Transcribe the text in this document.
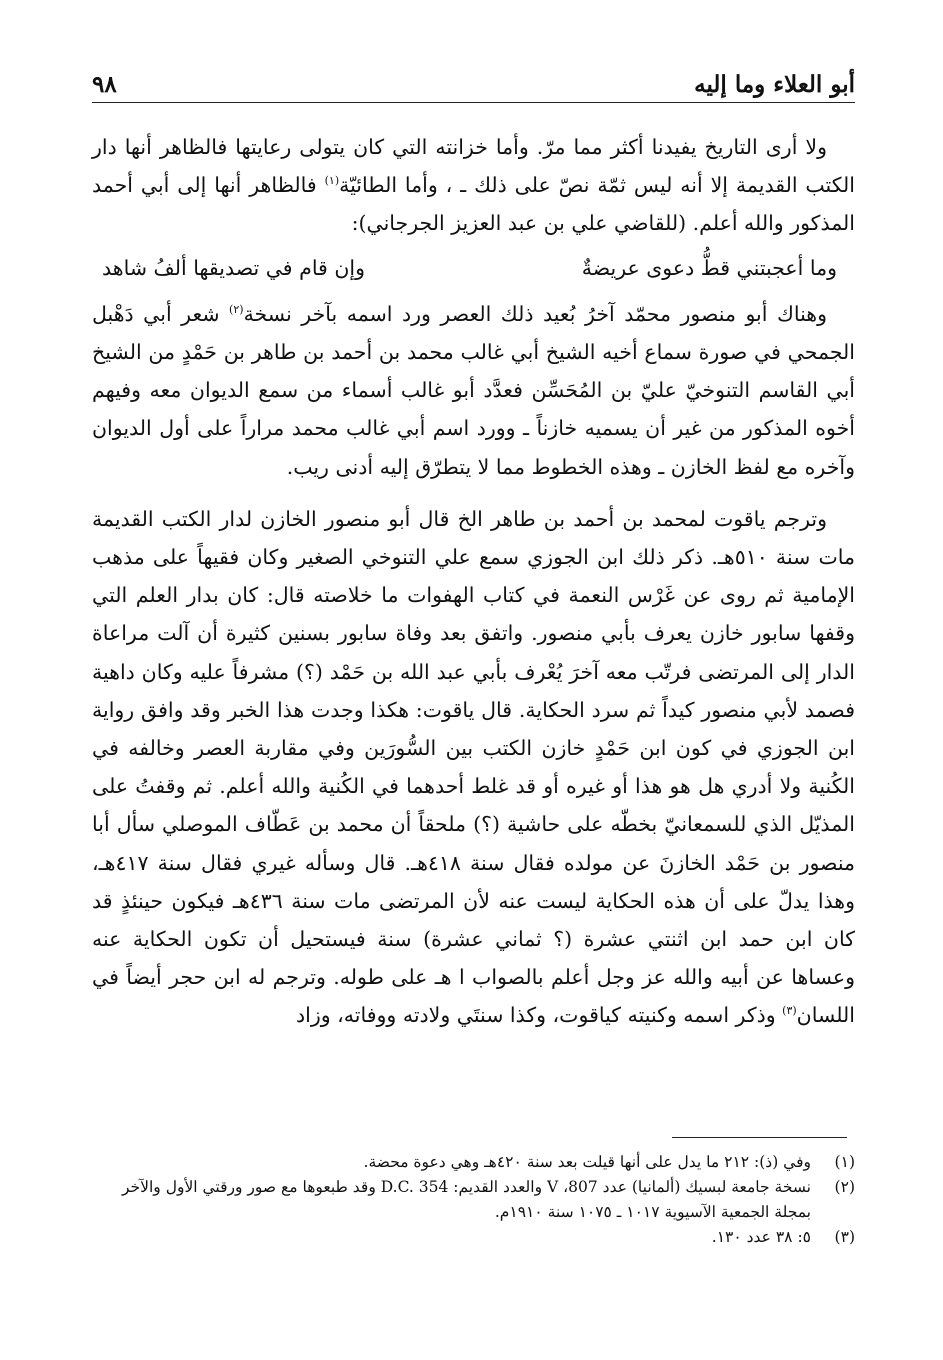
أبو العلاء وما إليه
٩٨

ولا أرى التاريخ يفيدنا أكثر مما مرّ. وأما خزانته التي كان يتولى رعايتها فالظاهر أنها دار الكتب القديمة إلا أنه ليس ثمّة نصّ على ذلك ـ ، وأما الطائيّة$^{(١)}$ فالظاهر أنها إلى أبي أحمد المذكور والله أعلم. (للقاضي علي بن عبد العزيز الجرجاني):

وما أعجبتني قطُّ دعوى عريضةٌ
وإن قام في تصديقها ألفُ شاهد

وهناك أبو منصور محمّد آخرُ بُعيد ذلك العصر ورد اسمه بآخر نسخة$^{(٢)}$ شعر أبي دَهْبل الجمحي في صورة سماع أخيه الشيخ أبي غالب محمد بن أحمد بن طاهر بن حَمْدٍ من الشيخ أبي القاسم التنوخيّ عليّ بن المُحَسِّن فعدَّد أبو غالب أسماء من سمع الديوان معه وفيهم أخوه المذكور من غير أن يسميه خازناً ـ وورد اسم أبي غالب محمد مراراً على أول الديوان وآخره مع لفظ الخازن ـ وهذه الخطوط مما لا يتطرّق إليه أدنى ريب.

وترجم ياقوت لمحمد بن أحمد بن طاهر الخ قال أبو منصور الخازن لدار الكتب القديمة مات سنة ٥١٠هـ. ذكر ذلك ابن الجوزي سمع علي التنوخي الصغير وكان فقيهاً على مذهب الإمامية ثم روى عن غَرْس النعمة في كتاب الهفوات ما خلاصته قال: كان بدار العلم التي وقفها سابور خازن يعرف بأبي منصور. واتفق بعد وفاة سابور بسنين كثيرة أن آلت مراعاة الدار إلى المرتضى فرتّب معه آخرَ يُعْرف بأبي عبد الله بن حَمْد (؟) مشرفاً عليه وكان داهية فصمد لأبي منصور كيداً ثم سرد الحكاية. قال ياقوت: هكذا وجدت هذا الخبر وقد وافق رواية ابن الجوزي في كون ابن حَمْدٍ خازن الكتب بين السُّورَين وفي مقاربة العصر وخالفه في الكُنية ولا أدري هل هو هذا أو غيره أو قد غلط أحدهما في الكُنية والله أعلم. ثم وقفتُ على المذيّل الذي للسمعانيّ بخطّه على حاشية (؟) ملحقاً أن محمد بن عَطّاف الموصلي سأل أبا منصور بن حَمْد الخازنَ عن مولده فقال سنة ٤١٨هـ. قال وسأله غيري فقال سنة ٤١٧هـ، وهذا يدلّ على أن هذه الحكاية ليست عنه لأن المرتضى مات سنة ٤٣٦هـ فيكون حينئذٍ قد كان ابن حمد ابن اثنتي عشرة (؟ ثماني عشرة) سنة فيستحيل أن تكون الحكاية عنه وعساها عن أبيه والله عز وجل أعلم بالصواب ا هـ على طوله. وترجم له ابن حجر أيضاً في اللسان$^{(٣)}$ وذكر اسمه وكنيته كياقوت، وكذا سنتَي ولادته ووفاته، وزاد

(١)
وفي (ذ): ٢١٢ ما يدل على أنها قيلت بعد سنة ٤٢٠هـ وهي دعوة محضة.
(٢)
نسخة جامعة لبسيك (ألمانيا) عدد 807، V والعدد القديم: D.C. 354 وقد طبعوها مع صور ورقتي الأول والآخر بمجلة الجمعية الآسيوية ١٠١٧ ـ ١٠٧٥ سنة ١٩١٠م.
(٣)
٥: ٣٨ عدد ١٣٠.
